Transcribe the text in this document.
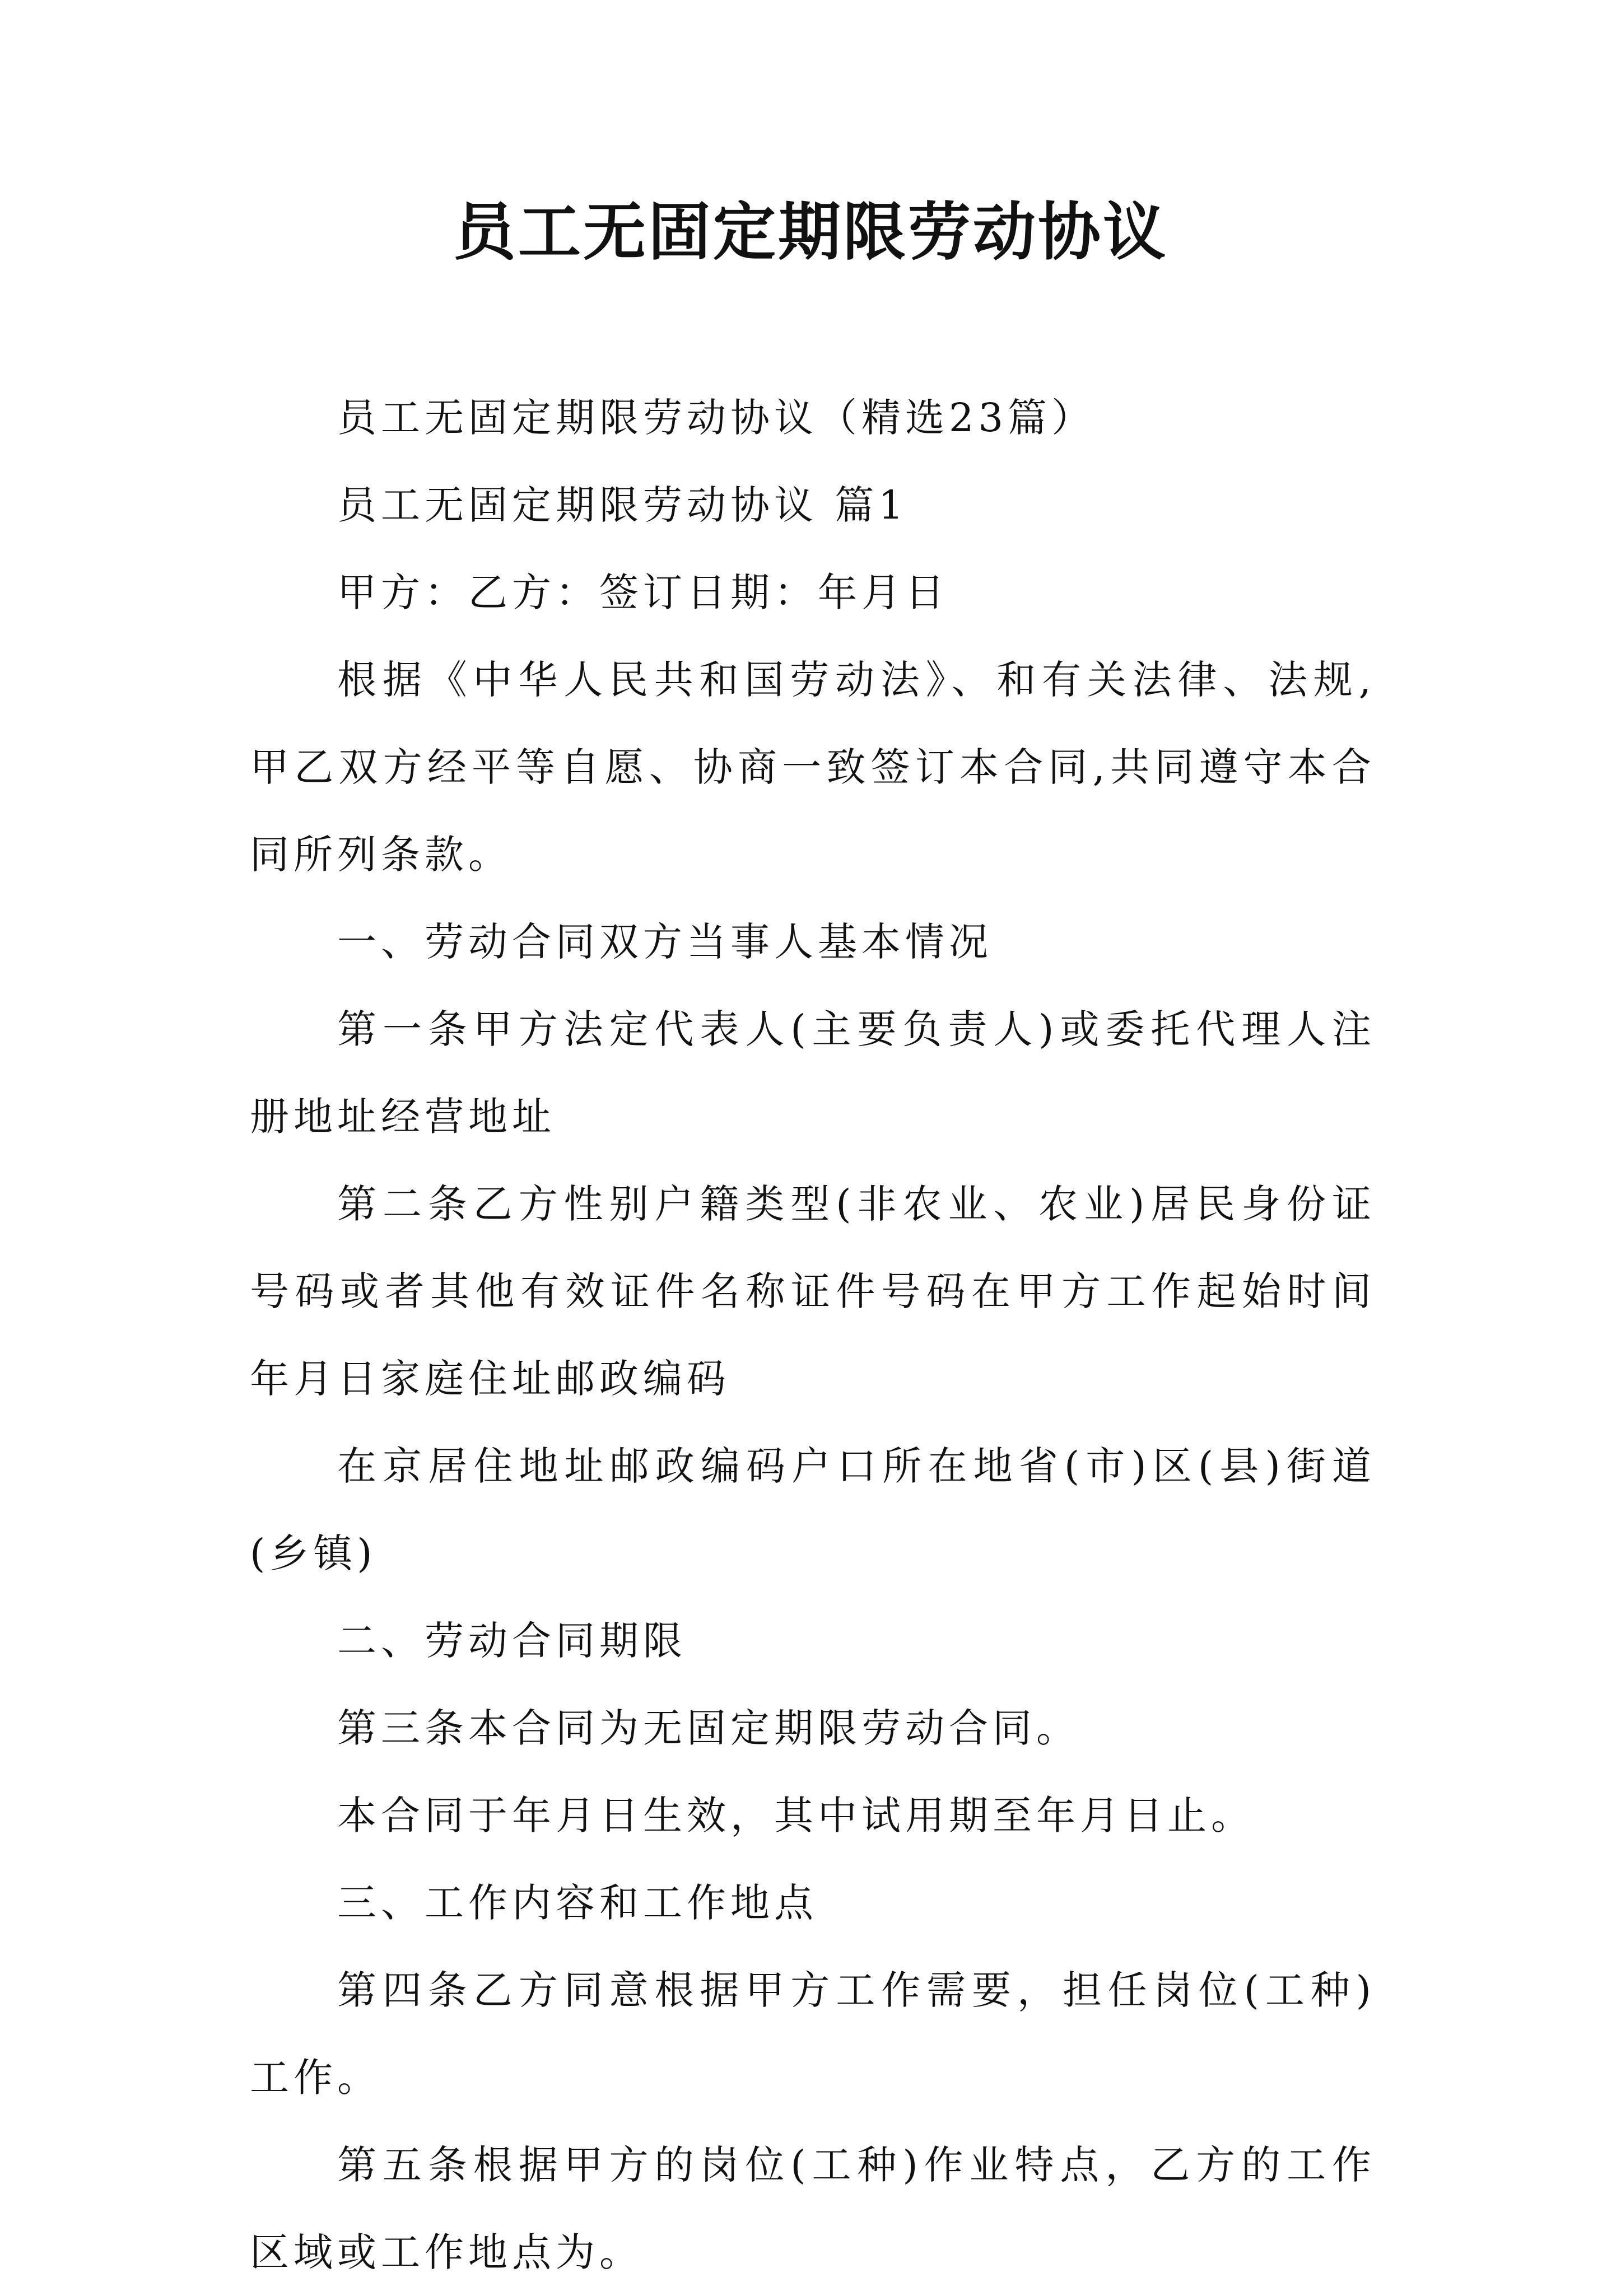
员工无固定期限劳动协议

员工无固定期限劳动协议（精选23篇）

员工无固定期限劳动协议 篇1

甲方：乙方：签订日期：年月日

根据《中华人民共和国劳动法》、和有关法律、法规,甲乙双方经平等自愿、协商一致签订本合同,共同遵守本合同所列条款。

一、劳动合同双方当事人基本情况

第一条甲方法定代表人(主要负责人)或委托代理人注册地址经营地址

第二条乙方性别户籍类型(非农业、农业)居民身份证号码或者其他有效证件名称证件号码在甲方工作起始时间年月日家庭住址邮政编码

在京居住地址邮政编码户口所在地省(市)区(县)街道(乡镇)

二、劳动合同期限

第三条本合同为无固定期限劳动合同。

本合同于年月日生效，其中试用期至年月日止。

三、工作内容和工作地点

第四条乙方同意根据甲方工作需要，担任岗位(工种)工作。

第五条根据甲方的岗位(工种)作业特点，乙方的工作区域或工作地点为。
